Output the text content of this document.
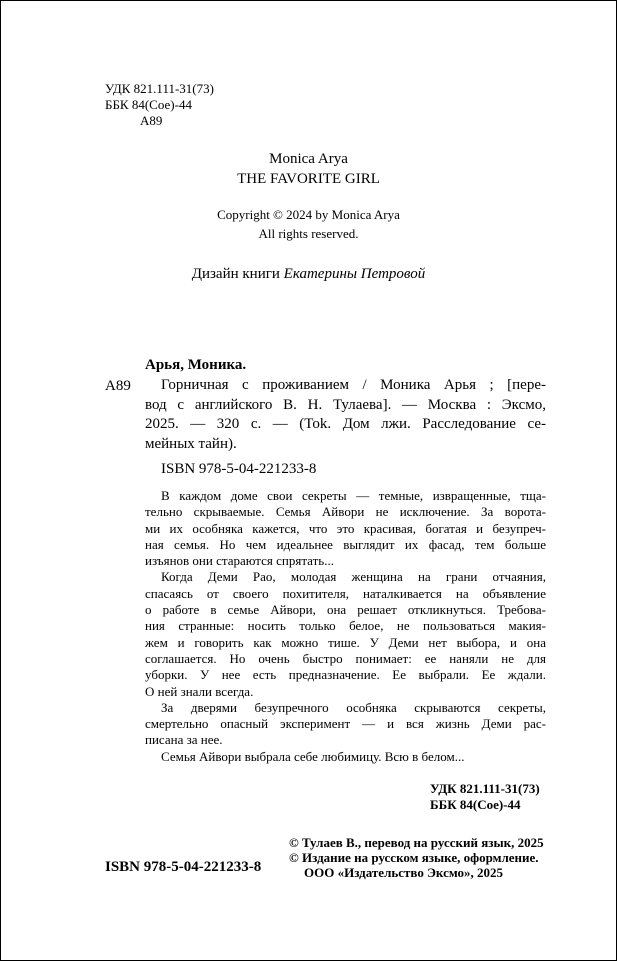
УДК 821.111-31(73)
ББК 84(Сое)-44
А89
Monica Arya
THE FAVORITE GIRL
Copyright © 2024 by Monica Arya
All rights reserved.
Дизайн книги Екатерины Петровой
Арья, Моника.
А89	Горничная с проживанием / Моника Арья ; [пере-
вод с английского В. Н. Тулаева]. — Москва : Эксмо,
2025. — 320 с. — (Tok. Дом лжи. Расследование се-
мейных тайн).
ISBN 978-5-04-221233-8
В каждом доме свои секреты — темные, извращенные, тща-
тельно скрываемые. Семья Айвори не исключение. За ворота-
ми их особняка кажется, что это красивая, богатая и безупреч-
ная семья. Но чем идеальнее выглядит их фасад, тем больше
изъянов они стараются спрятать...
Когда Деми Рао, молодая женщина на грани отчаяния,
спасаясь от своего похитителя, наталкивается на объявление
о работе в семье Айвори, она решает откликнуться. Требова-
ния странные: носить только белое, не пользоваться макия-
жем и говорить как можно тише. У Деми нет выбора, и она
соглашается. Но очень быстро понимает: ее наняли не для
уборки. У нее есть предназначение. Ее выбрали. Ее ждали.
О ней знали всегда.
За дверями безупречного особняка скрываются секреты,
смертельно опасный эксперимент — и вся жизнь Деми рас-
писана за нее.
Семья Айвори выбрала себе любимицу. Всю в белом...
УДК 821.111-31(73)
ББК 84(Сое)-44
ISBN 978-5-04-221233-8
© Тулаев В., перевод на русский язык, 2025
© Издание на русском языке, оформление.
ООО «Издательство Эксмо», 2025
